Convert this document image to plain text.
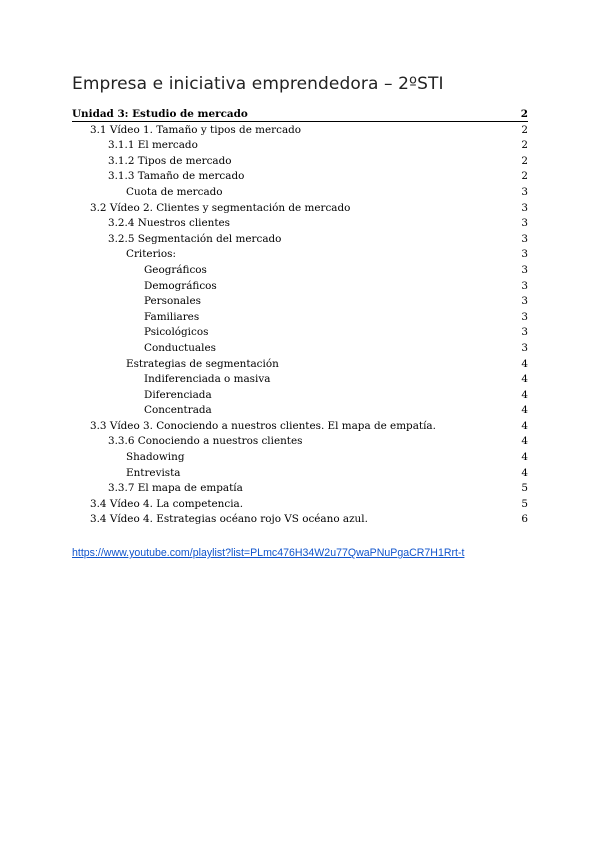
Empresa e iniciativa emprendedora – 2ºSTI
Unidad 3: Estudio de mercado	2
3.1 Vídeo 1. Tamaño y tipos de mercado	2
3.1.1 El mercado	2
3.1.2 Tipos de mercado	2
3.1.3 Tamaño de mercado	2
Cuota de mercado	3
3.2 Vídeo 2. Clientes y segmentación de mercado	3
3.2.4 Nuestros clientes	3
3.2.5 Segmentación del mercado	3
Criterios:	3
Geográficos	3
Demográficos	3
Personales	3
Familiares	3
Psicológicos	3
Conductuales	3
Estrategias de segmentación	4
Indiferenciada o masiva	4
Diferenciada	4
Concentrada	4
3.3 Vídeo 3. Conociendo a nuestros clientes. El mapa de empatía.	4
3.3.6 Conociendo a nuestros clientes	4
Shadowing	4
Entrevista	4
3.3.7 El mapa de empatía	5
3.4 Vídeo 4. La competencia.	5
3.4 Vídeo 4. Estrategias océano rojo VS océano azul.	6
https://www.youtube.com/playlist?list=PLmc476H34W2u77QwaPNuPgaCR7H1Rrt-t
